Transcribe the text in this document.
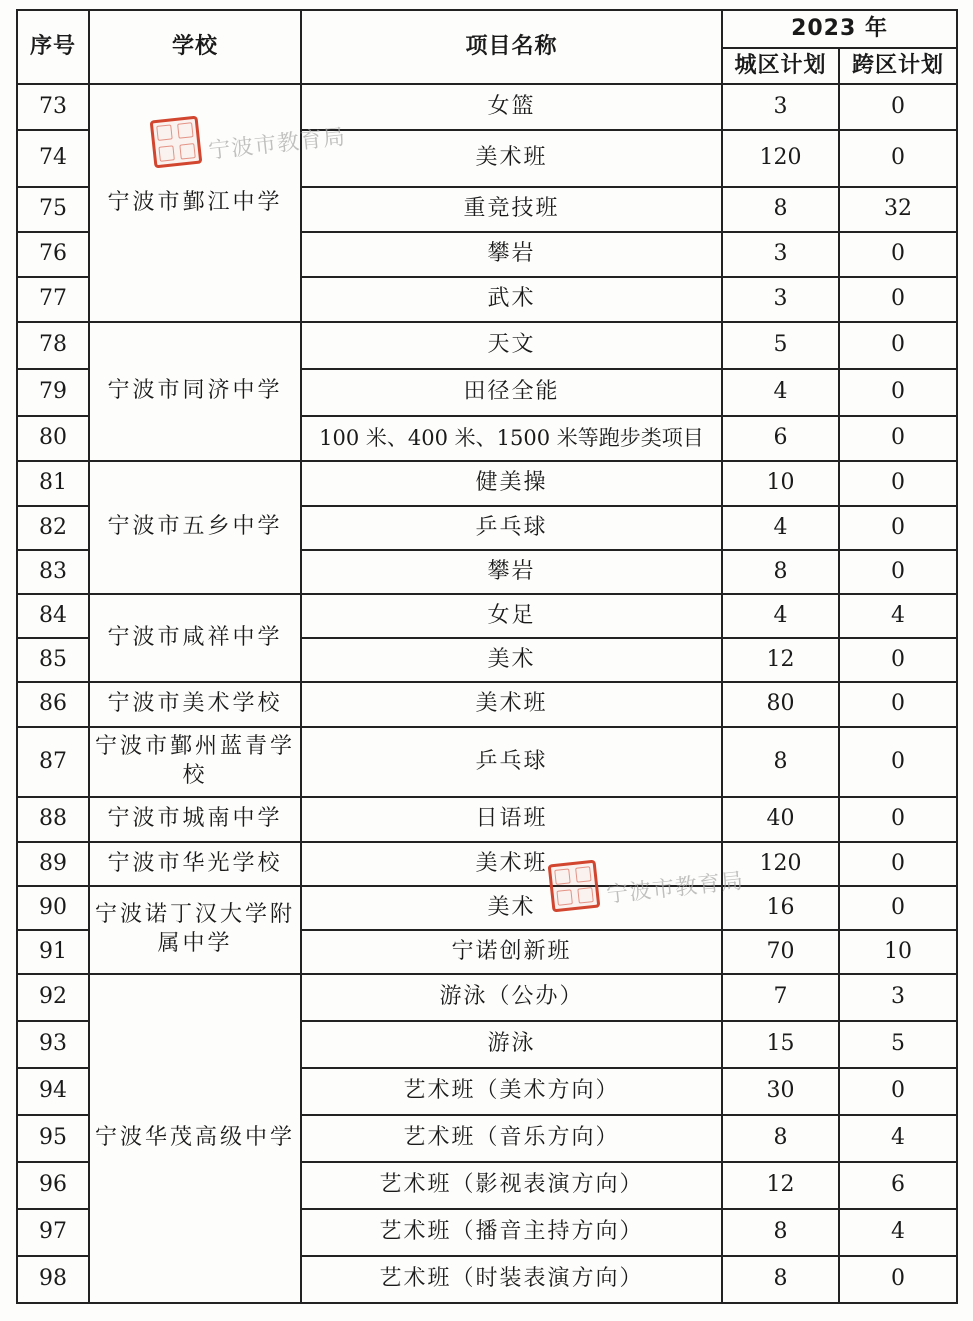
序号	学校	项目名称	2023 年	
			城区计划	跨区计划
73	宁波市鄞江中学	女篮	3	0
74		美术班	120	0
75		重竞技班	8	32
76		攀岩	3	0
77		武术	3	0
78	宁波市同济中学	天文	5	0
79		田径全能	4	0
80		100 米、400 米、1500 米等跑步类项目	6	0
81	宁波市五乡中学	健美操	10	0
82		乒乓球	4	0
83		攀岩	8	0
84	宁波市咸祥中学	女足	4	4
85		美术	12	0
86	宁波市美术学校	美术班	80	0
87	宁波市鄞州蓝青学校	乒乓球	8	0
88	宁波市城南中学	日语班	40	0
89	宁波市华光学校	美术班	120	0
90	宁波诺丁汉大学附属中学	美术	16	0
91		宁诺创新班	70	10
92	宁波华茂高级中学	游泳（公办）	7	3
93		游泳	15	5
94		艺术班（美术方向）	30	0
95		艺术班（音乐方向）	8	4
96		艺术班（影视表演方向）	12	6
97		艺术班（播音主持方向）	8	4
98		艺术班（时装表演方向）	8	0
宁波市教育局
宁波市教育局
